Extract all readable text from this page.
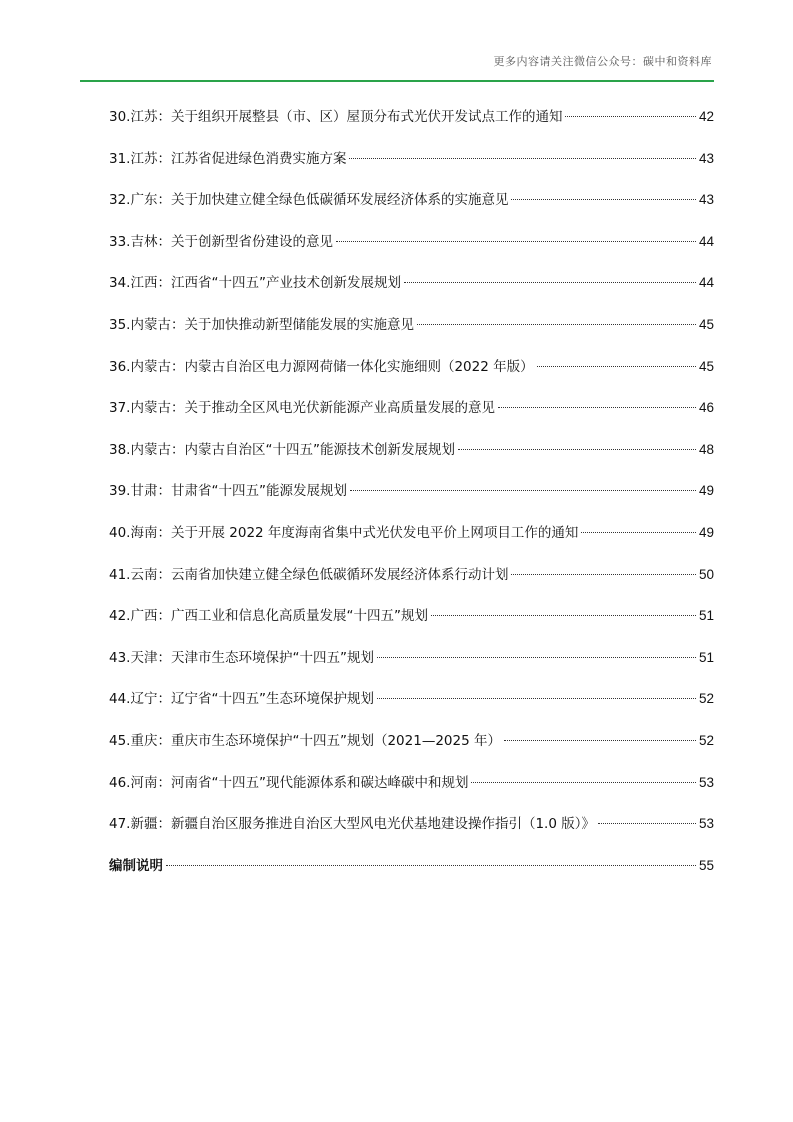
更多内容请关注微信公众号：碳中和资料库
30.江苏：关于组织开展整县（市、区）屋顶分布式光伏开发试点工作的通知	42
31.江苏：江苏省促进绿色消费实施方案	43
32.广东：关于加快建立健全绿色低碳循环发展经济体系的实施意见	43
33.吉林：关于创新型省份建设的意见	44
34.江西：江西省“十四五”产业技术创新发展规划	44
35.内蒙古：关于加快推动新型储能发展的实施意见	45
36.内蒙古：内蒙古自治区电力源网荷储一体化实施细则（2022 年版）	45
37.内蒙古：关于推动全区风电光伏新能源产业高质量发展的意见	46
38.内蒙古：内蒙古自治区“十四五”能源技术创新发展规划	48
39.甘肃：甘肃省“十四五”能源发展规划	49
40.海南：关于开展 2022 年度海南省集中式光伏发电平价上网项目工作的通知	49
41.云南：云南省加快建立健全绿色低碳循环发展经济体系行动计划	50
42.广西：广西工业和信息化高质量发展“十四五”规划	51
43.天津：天津市生态环境保护“十四五”规划	51
44.辽宁：辽宁省“十四五”生态环境保护规划	52
45.重庆：重庆市生态环境保护“十四五”规划（2021—2025 年）	52
46.河南：河南省“十四五”现代能源体系和碳达峰碳中和规划	53
47.新疆：新疆自治区服务推进自治区大型风电光伏基地建设操作指引（1.0 版）》	53
编制说明	55
